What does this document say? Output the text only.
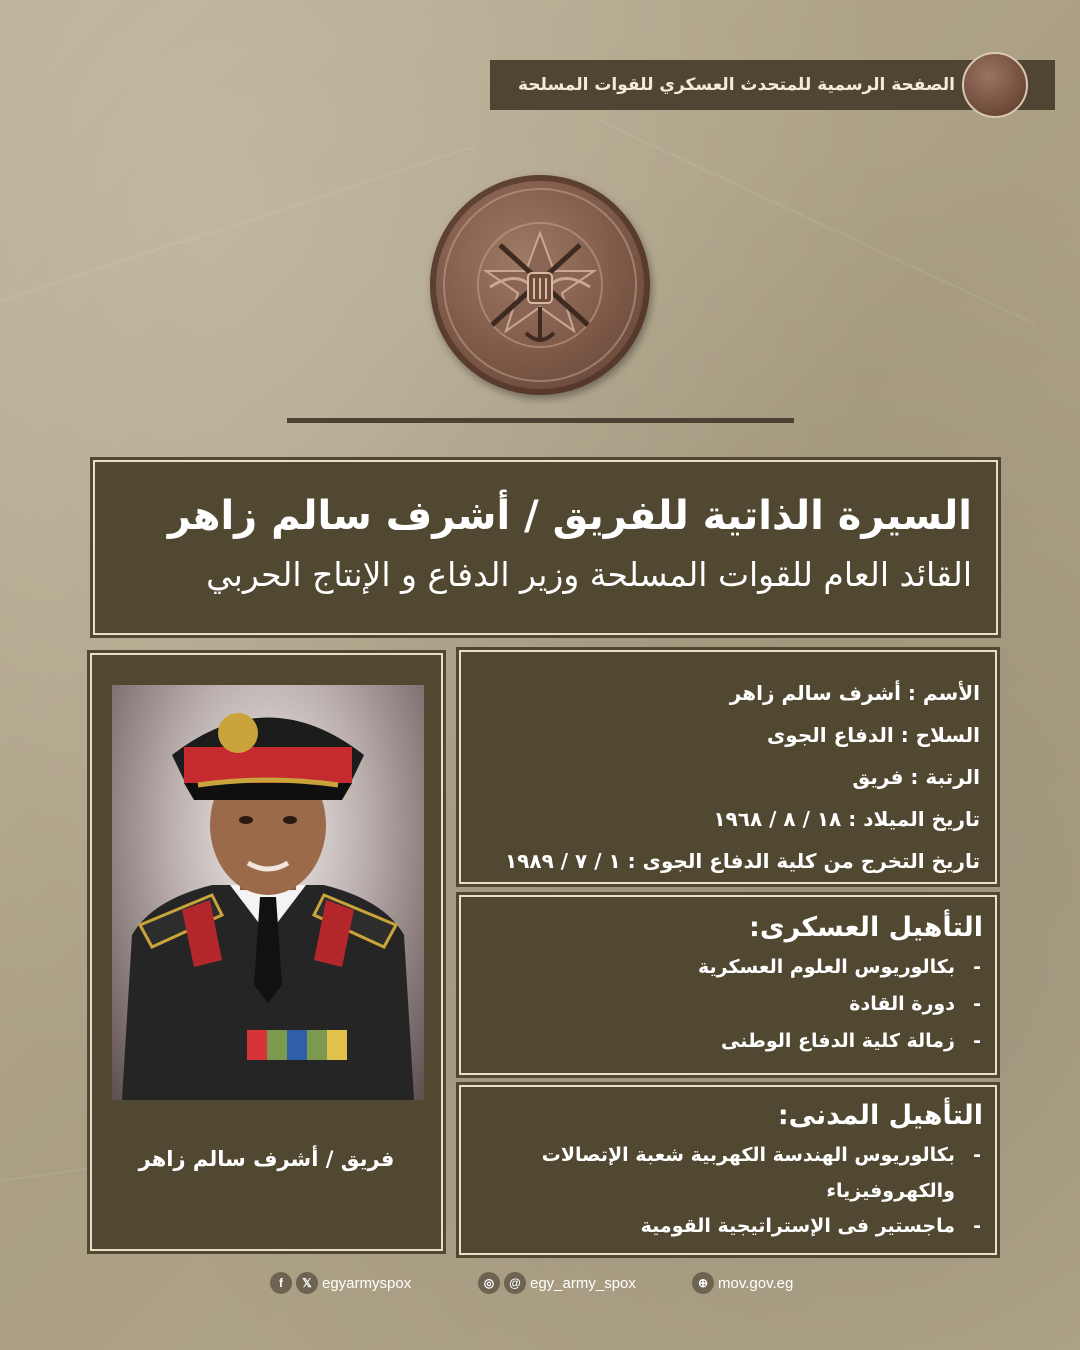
الصفحة الرسمية للمتحدث العسكري للقوات المسلحة
السيرة الذاتية للفريق / أشرف سالم زاهر
القائد العام للقوات المسلحة وزير الدفاع و الإنتاج الحربي
فريق / أشرف سالم زاهر
الأسم : أشرف سالم زاهر
السلاح : الدفاع الجوى
الرتبة : فريق
تاريخ الميلاد : ١٨ / ٨ / ١٩٦٨
تاريخ التخرج من كلية الدفاع الجوى : ١ / ٧ / ١٩٨٩
التأهيل العسكرى:
-بكالوريوس العلوم العسكرية
-دورة القادة
-زمالة كلية الدفاع الوطنى
التأهيل المدنى:
-بكالوريوس الهندسة الكهربية شعبة الإتصالات
والكهروفيزياء
-ماجستير فى الإستراتيجية القومية
f	𝕏 egyarmyspox	◎	@ egy_army_spox	⊕ mov.gov.eg
